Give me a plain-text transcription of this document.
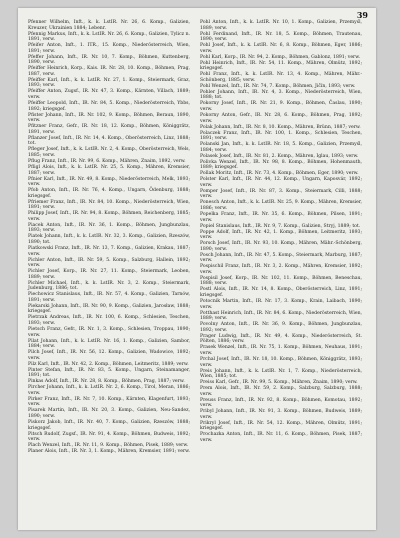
39

Pfenner Wilhelm, Inft., k. k. LstIR. Nr. 26, 6. Komp., Galizien, Kreuzer, Ukrainien 1884; Lebenr.

Pfennig Markus, Inft., k. k. LstIR. Nr. 26, 6. Komp., Galizien, Tylicz n. 1891, verw.

Pfeifer Anton, Inft., 1. ITR., 15. Komp., Niederösterreich, Wien, 1891; verw.

Pfeffer Johann, Inft., IR. Nr. 10, 7. Komp., Böhmen, Kuttenberg, 1890, verw.

Pfeiffer Heinrich, Korp., Kais. IR. Nr. 28, 10. Komp., Böhmen, Prag, 1887, verw.

Pfeiffer Karl, Inft., k. k. LstIR. Nr. 27, 1. Komp., Steiermark, Graz, 1893; verw.

Pfeiffer Anton, Zugsf., IR. Nr. 47, 3. Komp., Kärnten, Villach, 1889; verw.

Pfeiffer Leopold, Inft., IR. Nr. 84, 5. Komp., Niederösterreich, Ybbs, 1892; kriegsgef.

Pfister Johann, Inft., IR. Nr. 102, 9. Komp., Böhmen, Beraun, 1890, verw.

Pfitzner Franz, Gefr., IR. Nr. 18, 12. Komp., Böhmen, Königgrätz, 1891, verw.

Pflanzer Josef, Inft., IR. Nr. 14, 4. Komp., Oberösterreich, Linz, 1888; tot.

Pfleger Josef, Inft., k. k. LstIR. Nr. 2, 4. Komp., Oberösterreich, Wels, 1885; verw.

Pflug Franz, Inft., IR. Nr. 99, 6. Komp., Mähren, Znaim, 1892, verw.

Pfligl Alois, Inft., k. k. LstIR. Nr. 25, 5. Komp., Mähren, Kremsier, 1887; verw.

Pfnier Karl, Inft., IR. Nr. 49, 8. Komp., Niederösterreich, Melk, 1893; verw.

Pfob Anton, Inft., IR. Nr. 76, 4. Komp., Ungarn, Ödenburg, 1888; kriegsgef.

Pfriemer Franz, Inft., IR. Nr. 84, 10. Komp., Niederösterreich, Wien, 1891; verw.

Philipp Josef, Inft., IR. Nr. 94, 8. Komp., Böhmen, Reichenberg, 1885; verw.

Piacek Anton, Inft., IR. Nr. 36, 1. Komp., Böhmen, Jungbunzlau, 1893; verw.

Piatek Johann, Inft., k. k. LstIR. Nr. 32, 3. Komp., Galizien, Rzeszów, 1890; tot.

Piatkowski Franz, Inft., IR. Nr. 13, 7. Komp., Galizien, Krakau, 1887; verw.

Pichler Anton, Inft., IR. Nr. 59, 5. Komp., Salzburg, Hallein, 1892; verw.

Pichler Josef, Korp., IR. Nr. 27, 11. Komp., Steiermark, Leoben, 1889; verw.

Pichler Michael, Inft., k. k. LstIR. Nr. 3, 2. Komp., Steiermark, Judenburg, 1886; tot.

Piechowicz Stanislaus, Inft., IR. Nr. 57, 4. Komp., Galizien, Tarnów, 1891; verw.

Piekarski Johann, Inft., IR. Nr. 90, 9. Komp., Galizien, Jarosław, 1888; kriegsgef.

Pietrzak Andreas, Inft., IR. Nr. 100, 6. Komp., Schlesien, Teschen, 1893; verw.

Pietsch Franz, Gefr., IR. Nr. 1, 3. Komp., Schlesien, Troppau, 1890; verw.

Pilat Johann, Inft., k. k. LstIR. Nr. 16, 1. Komp., Galizien, Sambor, 1884; verw.

Pilch Josef, Inft., IR. Nr. 56, 12. Komp., Galizien, Wadowice, 1892; verw.

Pilz Karl, Inft., IR. Nr. 42, 2. Komp., Böhmen, Leitmeritz, 1889; verw.

Pinter Stefan, Inft., IR. Nr. 83, 5. Komp., Ungarn, Steinamanger, 1891; tot.

Pinkas Adolf, Inft., IR. Nr. 28, 8. Komp., Böhmen, Prag, 1887; verw.

Pircher Johann, Inft., k. k. LstIR. Nr. 2, 6. Komp., Tirol, Meran, 1886; verw.

Pirker Franz, Inft., IR. Nr. 7, 10. Komp., Kärnten, Klagenfurt, 1893; verw.

Pisarek Martin, Inft., IR. Nr. 20, 3. Komp., Galizien, Neu-Sandez, 1890; verw.

Piskorz Jakob, Inft., IR. Nr. 40, 7. Komp., Galizien, Rzeszów, 1888; kriegsgef.

Pitsch Rudolf, Zugsf., IR. Nr. 91, 4. Komp., Böhmen, Budweis, 1892; verw.

Plach Wenzel, Inft., IR. Nr. 11, 9. Komp., Böhmen, Pisek, 1889; verw.

Planer Alois, Inft., IR. Nr. 3, 1. Komp., Mähren, Kremsier, 1891; verw.

Pohl Anton, Inft., k. k. LstIR. Nr. 10, 1. Komp., Galizien, Przemyśl, 1889; verw.

Pohl Ferdinand, Inft., IR. Nr. 18, 5. Komp., Böhmen, Trautenau, 1890; verw.

Pohl Josef, Inft., k. k. LstIR. Nr. 6, 8. Komp., Böhmen, Eger, 1886; verw.

Pohl Karl, Korp., IR. Nr. 94, 2. Komp., Böhmen, Gablonz, 1891; verw.

Pohl Heinrich, Inft., IR. Nr. 54, 11. Komp., Mähren, Olmütz, 1892; kriegsgef.

Pohl Franz, Inft., k. k. LstIR. Nr. 13, 4. Komp., Mähren, Mähr.-Schönberg, 1885; verw.

Pohl Wenzel, Inft., IR. Nr. 74, 7. Komp., Böhmen, Jičín, 1893; verw.

Pohler Johann, Inft., IR. Nr. 4, 3. Komp., Niederösterreich, Wien, 1888; tot.

Pokorny Josef, Inft., IR. Nr. 21, 9. Komp., Böhmen, Časlau, 1890; verw.

Pokorny Anton, Gefr., IR. Nr. 28, 6. Komp., Böhmen, Prag, 1892; verw.

Polak Johann, Inft., IR. Nr. 8, 10. Komp., Mähren, Brünn, 1887; verw.

Polaczek Franz, Inft., IR. Nr. 100, 1. Komp., Schlesien, Teschen, 1891; verw.

Polanski Jan, Inft., k. k. LstIR. Nr. 18, 5. Komp., Galizien, Przemyśl, 1884; verw.

Polasek Josef, Inft., IR. Nr. 81, 2. Komp., Mähren, Iglau, 1893; verw.

Polivka Wenzel, Inft., IR. Nr. 98, 8. Komp., Böhmen, Hohenmauth, 1889; kriegsgef.

Pollak Moritz, Inft., IR. Nr. 73, 4. Komp., Böhmen, Eger, 1890; verw.

Polster Karl, Inft., IR. Nr. 44, 12. Komp., Ungarn, Kaposvár, 1892; verw.

Pomper Josef, Inft., IR. Nr. 87, 3. Komp., Steiermark, Cilli, 1888; verw.

Ponesch Anton, Inft., k. k. LstIR. Nr. 25, 9. Komp., Mähren, Kremsier, 1886; verw.

Popelka Franz, Inft., IR. Nr. 35, 6. Komp., Böhmen, Pilsen, 1891; verw.

Popiel Stanislaus, Inft., IR. Nr. 9, 7. Komp., Galizien, Stryj, 1889; tot.

Poppe Adolf, Inft., IR. Nr. 42, 1. Komp., Böhmen, Leitmeritz, 1893; verw.

Porsch Josef, Inft., IR. Nr. 93, 10. Komp., Mähren, Mähr.-Schönberg, 1890; verw.

Posch Johann, Inft., IR. Nr. 47, 5. Komp., Steiermark, Marburg, 1887; verw.

Pospischil Franz, Inft., IR. Nr. 3, 2. Komp., Mähren, Kremsier, 1892; verw.

Pospisil Josef, Korp., IR. Nr. 102, 11. Komp., Böhmen, Beneschau, 1888; verw.

Postl Alois, Inft., IR. Nr. 14, 8. Komp., Oberösterreich, Linz, 1891; kriegsgef.

Potocnik Martin, Inft., IR. Nr. 17, 3. Komp., Krain, Laibach, 1890; verw.

Potthast Heinrich, Inft., IR. Nr. 84, 6. Komp., Niederösterreich, Wien, 1889; verw.

Povolny Anton, Inft., IR. Nr. 36, 9. Komp., Böhmen, Jungbunzlau, 1892; verw.

Prager Ludwig, Inft., IR. Nr. 49, 4. Komp., Niederösterreich, St. Pölten, 1886; verw.

Prasek Wenzel, Inft., IR. Nr. 75, 1. Komp., Böhmen, Neuhaus, 1891; verw.

Prchal Josef, Inft., IR. Nr. 18, 10. Komp., Böhmen, Königgrätz, 1893; verw.

Preis Johann, Inft., k. k. LstIR. Nr. 1, 7. Komp., Niederösterreich, Wien, 1885; tot.

Preiss Karl, Gefr., IR. Nr. 99, 5. Komp., Mähren, Znaim, 1890; verw.

Prem Alois, Inft., IR. Nr. 59, 2. Komp., Salzburg, Salzburg, 1888; verw.

Preuss Franz, Inft., IR. Nr. 92, 8. Komp., Böhmen, Komotau, 1892; verw.

Pribyl Johann, Inft., IR. Nr. 91, 3. Komp., Böhmen, Budweis, 1889; verw.

Prikryl Josef, Inft., IR. Nr. 54, 12. Komp., Mähren, Olmütz, 1891; kriegsgef.

Prochazka Anton, Inft., IR. Nr. 11, 6. Komp., Böhmen, Pisek, 1887; verw.
